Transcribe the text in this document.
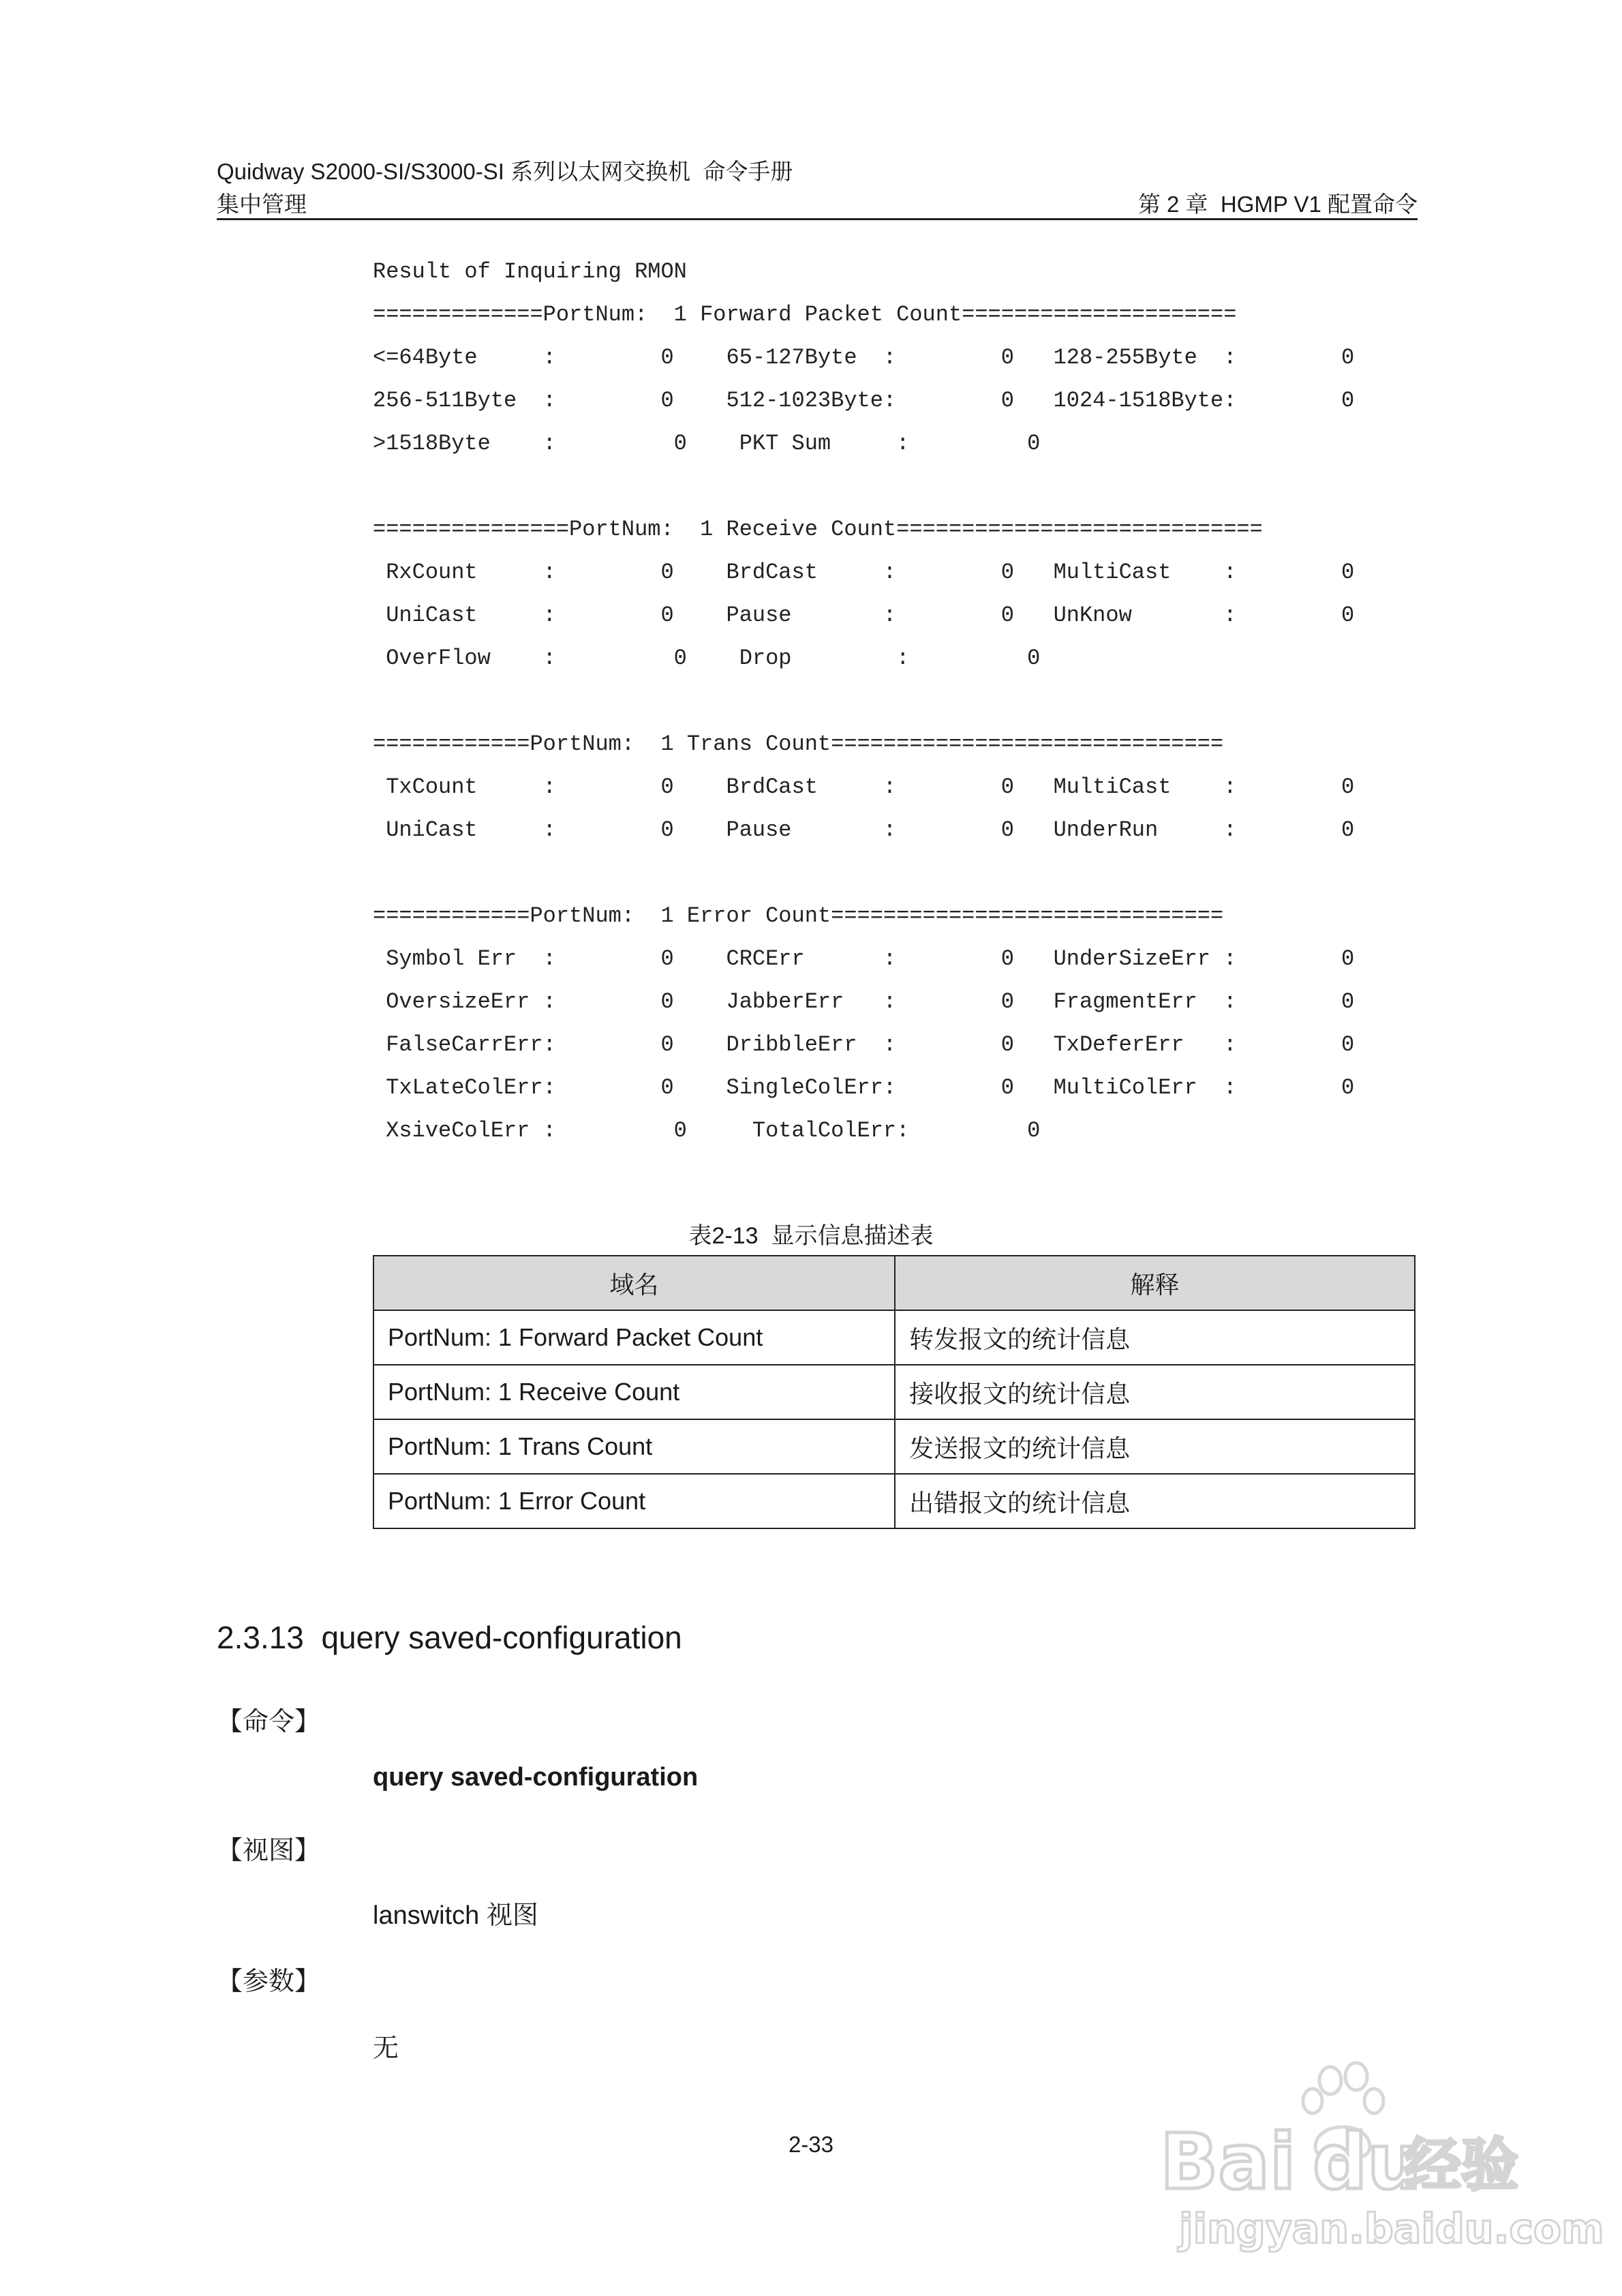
Quidway S2000-SI/S3000-SI 系列以太网交换机  命令手册
集中管理	第 2 章  HGMP V1 配置命令
Result of Inquiring RMON
=============PortNum:  1 Forward Packet Count=====================
<=64Byte     :        0    65-127Byte  :        0   128-255Byte  :        0
256-511Byte  :        0    512-1023Byte:        0   1024-1518Byte:        0
>1518Byte    :         0    PKT Sum     :         0
===============PortNum:  1 Receive Count============================
RxCount     :        0    BrdCast     :        0   MultiCast    :        0
UniCast     :        0    Pause       :        0   UnKnow       :        0
OverFlow    :         0    Drop        :         0
============PortNum:  1 Trans Count==============================
TxCount     :        0    BrdCast     :        0   MultiCast    :        0
UniCast     :        0    Pause       :        0   UnderRun     :        0
============PortNum:  1 Error Count==============================
Symbol Err  :        0    CRCErr      :        0   UnderSizeErr :        0
OversizeErr :        0    JabberErr   :        0   FragmentErr  :        0
FalseCarrErr:        0    DribbleErr  :        0   TxDeferErr   :        0
TxLateColErr:        0    SingleColErr:        0   MultiColErr  :        0
XsiveColErr :         0     TotalColErr:         0
表2-13  显示信息描述表
域名	解释
PortNum: 1 Forward Packet Count	转发报文的统计信息
PortNum: 1 Receive Count	接收报文的统计信息
PortNum: 1 Trans Count	发送报文的统计信息
PortNum: 1 Error Count	出错报文的统计信息
2.3.13  query saved-configuration
【命令】
query saved-configuration
【视图】
lanswitch 视图
【参数】
无
2-33	Bai du
经验
jingyan.baidu.com
